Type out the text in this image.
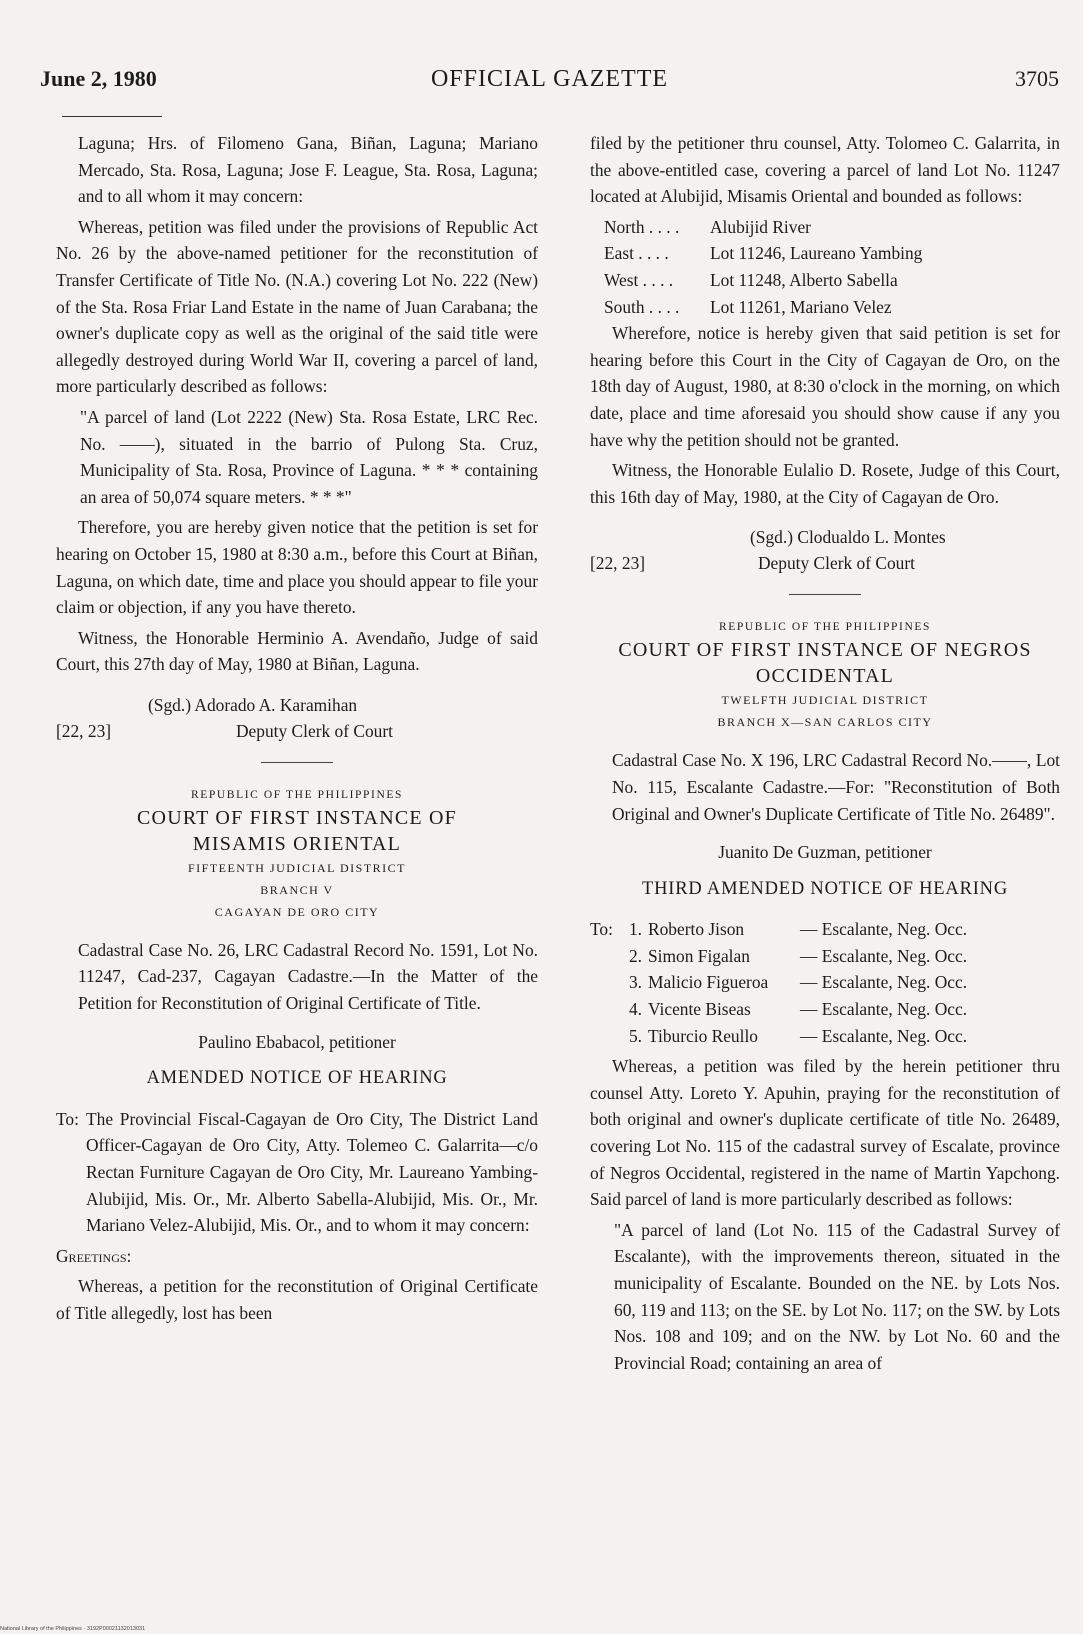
June 2, 1980	OFFICIAL GAZETTE	3705

Laguna; Hrs. of Filomeno Gana, Biñan, Laguna; Mariano Mercado, Sta. Rosa, Laguna; Jose F. League, Sta. Rosa, Laguna; and to all whom it may concern:

Whereas, petition was filed under the provisions of Republic Act No. 26 by the above-named petitioner for the reconstitution of Transfer Certificate of Title No. (N.A.) covering Lot No. 222 (New) of the Sta. Rosa Friar Land Estate in the name of Juan Carabana; the owner's duplicate copy as well as the original of the said title were allegedly destroyed during World War II, covering a parcel of land, more particularly described as follows:

"A parcel of land (Lot 2222 (New) Sta. Rosa Estate, LRC Rec. No. ——), situated in the barrio of Pulong Sta. Cruz, Municipality of Sta. Rosa, Province of Laguna. * * * containing an area of 50,074 square meters. * * *"

Therefore, you are hereby given notice that the petition is set for hearing on October 15, 1980 at 8:30 a.m., before this Court at Biñan, Laguna, on which date, time and place you should appear to file your claim or objection, if any you have thereto.

Witness, the Honorable Herminio A. Avendaño, Judge of said Court, this 27th day of May, 1980 at Biñan, Laguna.

(Sgd.) Adorado A. Karamihan
[22, 23]	Deputy Clerk of Court
REPUBLIC OF THE PHILIPPINES
COURT OF FIRST INSTANCE OF
MISAMIS ORIENTAL
FIFTEENTH JUDICIAL DISTRICT
BRANCH V
CAGAYAN DE ORO CITY

Cadastral Case No. 26, LRC Cadastral Record No. 1591, Lot No. 11247, Cad-237, Cagayan Cadastre.—In the Matter of the Petition for Reconstitution of Original Certificate of Title.

Paulino Ebabacol, petitioner
AMENDED NOTICE OF HEARING
To: The Provincial Fiscal-Cagayan de Oro City, The District Land Officer-Cagayan de Oro City, Atty. Tolemeo C. Galarrita—c/o Rectan Furniture Cagayan de Oro City, Mr. Laureano Yambing-Alubijid, Mis. Or., Mr. Alberto Sabella-Alubijid, Mis. Or., Mr. Mariano Velez-Alubijid, Mis. Or., and to whom it may concern:

Greetings:

Whereas, a petition for the reconstitution of Original Certificate of Title allegedly, lost has been

filed by the petitioner thru counsel, Atty. Tolomeo C. Galarrita, in the above-entitled case, covering a parcel of land Lot No. 11247 located at Alubijid, Misamis Oriental and bounded as follows:

North . . . .	Alubijid River
East . . . .	Lot 11246, Laureano Yambing
West . . . .	Lot 11248, Alberto Sabella
South . . . .	Lot 11261, Mariano Velez

Wherefore, notice is hereby given that said petition is set for hearing before this Court in the City of Cagayan de Oro, on the 18th day of August, 1980, at 8:30 o'clock in the morning, on which date, place and time aforesaid you should show cause if any you have why the petition should not be granted.

Witness, the Honorable Eulalio D. Rosete, Judge of this Court, this 16th day of May, 1980, at the City of Cagayan de Oro.

(Sgd.) Clodualdo L. Montes
[22, 23]	Deputy Clerk of Court
REPUBLIC OF THE PHILIPPINES
COURT OF FIRST INSTANCE OF NEGROS
OCCIDENTAL
TWELFTH JUDICIAL DISTRICT
BRANCH X—SAN CARLOS CITY

Cadastral Case No. X 196, LRC Cadastral Record No.——, Lot No. 115, Escalante Cadastre.—For: "Reconstitution of Both Original and Owner's Duplicate Certificate of Title No. 26489".

Juanito De Guzman, petitioner
THIRD AMENDED NOTICE OF HEARING
To: 1. Roberto Jison	— Escalante, Neg. Occ.
2. Simon Figalan	— Escalante, Neg. Occ.
3. Malicio Figueroa	— Escalante, Neg. Occ.
4. Vicente Biseas	— Escalante, Neg. Occ.
5. Tiburcio Reullo	— Escalante, Neg. Occ.

Whereas, a petition was filed by the herein petitioner thru counsel Atty. Loreto Y. Apuhin, praying for the reconstitution of both original and owner's duplicate certificate of title No. 26489, covering Lot No. 115 of the cadastral survey of Escalate, province of Negros Occidental, registered in the name of Martin Yapchong. Said parcel of land is more particularly described as follows:

"A parcel of land (Lot No. 115 of the Cadastral Survey of Escalante), with the improvements thereon, situated in the municipality of Escalante. Bounded on the NE. by Lots Nos. 60, 119 and 113; on the SE. by Lot No. 117; on the SW. by Lots Nos. 108 and 109; and on the NW. by Lot No. 60 and the Provincial Road; containing an area of

National Library of the Philippines · 3192P00021132013031
